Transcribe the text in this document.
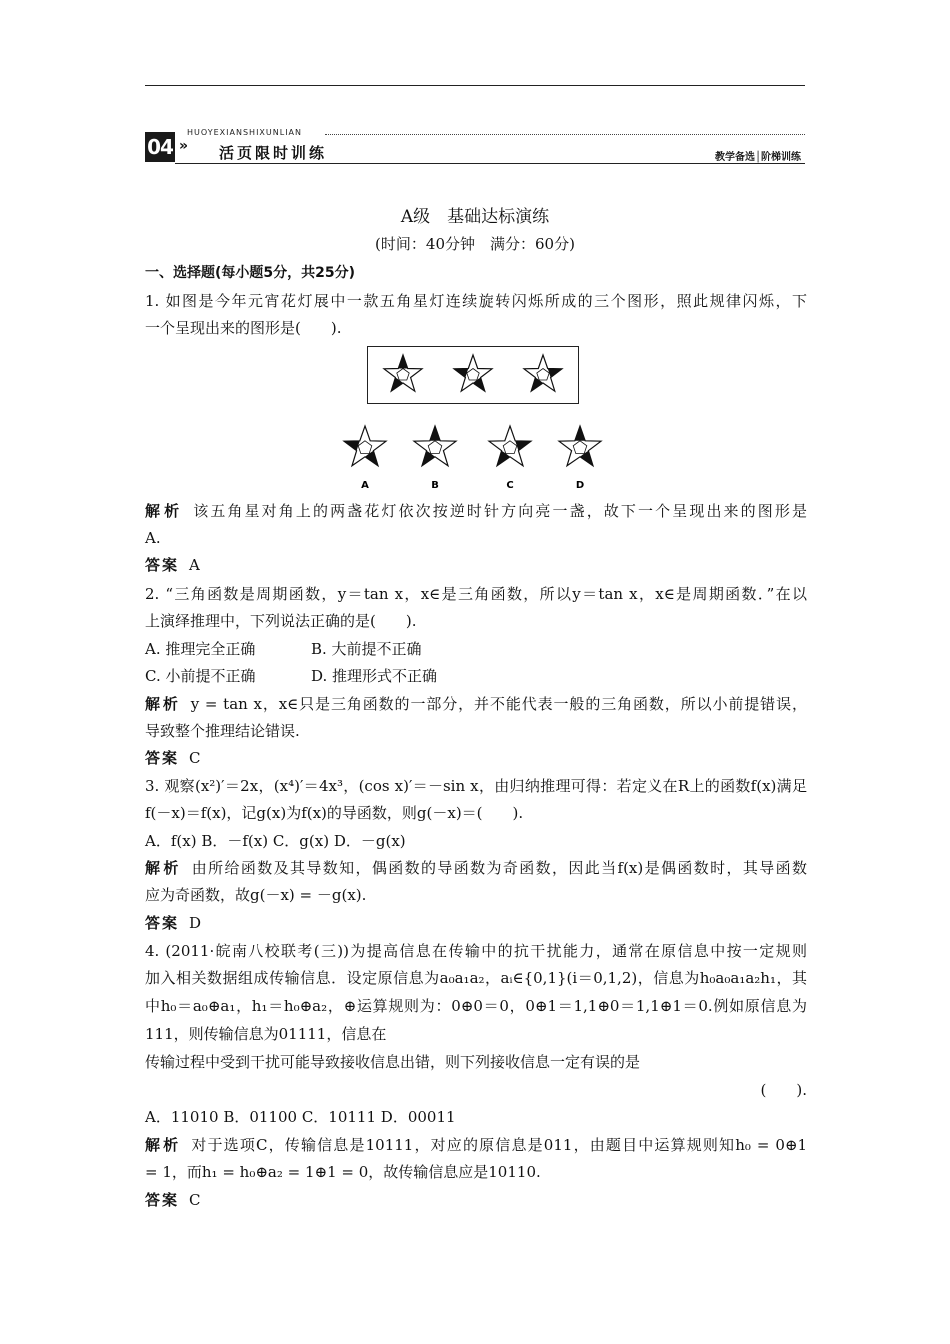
04 »
HUOYEXIANSHIXUNLIAN
活页限时训练	教学备选│阶梯训练
A级　基础达标演练
(时间：40分钟　满分：60分)
一、选择题(每小题5分，共25分)
1. 如图是今年元宵花灯展中一款五角星灯连续旋转闪烁所成的三个图形，照此规律闪烁，下
一个呈现出来的图形是(　　).
A	B	C	D
解析 该五角星对角上的两盏花灯依次按逆时针方向亮一盏，故下一个呈现出来的图形是
A.
答案 A
2. “三角函数是周期函数，y＝tan x，x∈是三角函数，所以y＝tan x，x∈是周期函数．”在以
上演绎推理中，下列说法正确的是(　　).
A. 推理完全正确	B. 大前提不正确
C. 小前提不正确	D. 推理形式不正确
解析 y = tan x，x∈只是三角函数的一部分，并不能代表一般的三角函数，所以小前提错误，
导致整个推理结论错误.
答案 C
3. 观察(x²)′＝2x，(x⁴)′＝4x³，(cos x)′＝－sin x，由归纳推理可得：若定义在R上的函数f(x)满足
f(－x)＝f(x)，记g(x)为f(x)的导函数，则g(－x)＝(　　).
A．f(x) B．－f(x) C．g(x) D．－g(x)
解析 由所给函数及其导数知，偶函数的导函数为奇函数，因此当f(x)是偶函数时，其导函数
应为奇函数，故g(－x) = －g(x).
答案 D
4. (2011·皖南八校联考(三))为提高信息在传输中的抗干扰能力，通常在原信息中按一定规则
加入相关数据组成传输信息．设定原信息为a₀a₁a₂，aᵢ∈{0,1}(i＝0,1,2)，信息为h₀a₀a₁a₂h₁，其
中h₀＝a₀⊕a₁，h₁＝h₀⊕a₂，⊕运算规则为：0⊕0＝0，0⊕1＝1,1⊕0＝1,1⊕1＝0.例如原信息为
111，则传输信息为01111，信息在
传输过程中受到干扰可能导致接收信息出错，则下列接收信息一定有误的是
(　　).
A．11010 B．01100 C．10111 D．00011
解析 对于选项C，传输信息是10111，对应的原信息是011，由题目中运算规则知h₀ = 0⊕1
= 1，而h₁ = h₀⊕a₂ = 1⊕1 = 0，故传输信息应是10110.
答案 C
